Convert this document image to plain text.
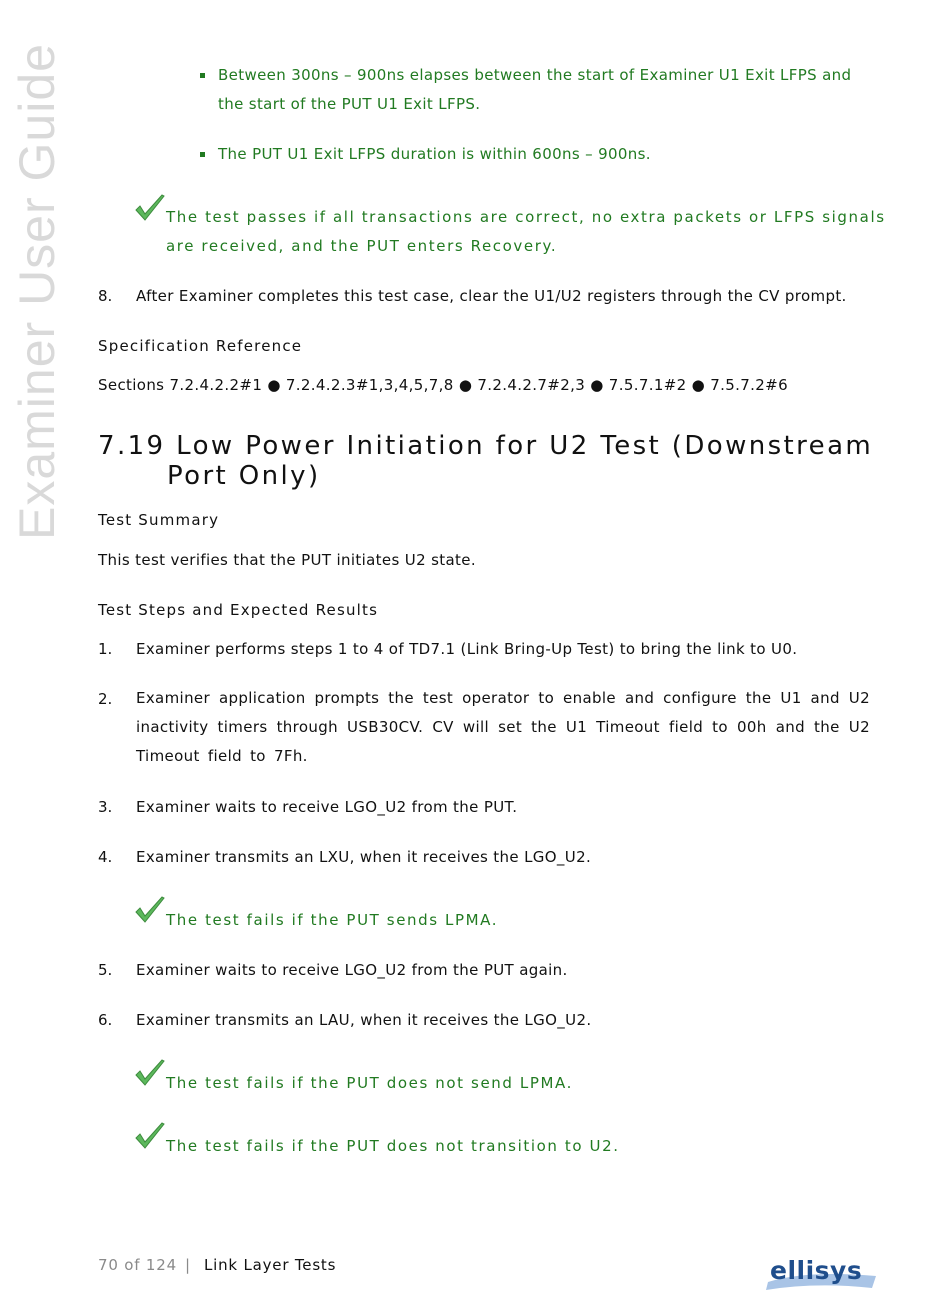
Examiner User Guide	Between 300ns – 900ns elapses between the start of Examiner U1 Exit LFPS and
the start of the PUT U1 Exit LFPS.
The PUT U1 Exit LFPS duration is within 600ns – 900ns.
The test passes if all transactions are correct, no extra packets or LFPS signals
are received, and the PUT enters Recovery.
8. After Examiner completes this test case, clear the U1/U2 registers through the CV prompt.
Specification Reference
Sections 7.2.4.2.2#1 ● 7.2.4.2.3#1,3,4,5,7,8 ● 7.2.4.2.7#2,3 ● 7.5.7.1#2 ● 7.5.7.2#6
7.19 Low Power Initiation for U2 Test (Downstream
Port Only)
Test Summary
This test verifies that the PUT initiates U2 state.
Test Steps and Expected Results
1. Examiner performs steps 1 to 4 of TD7.1 (Link Bring-Up Test) to bring the link to U0.
2. Examiner application prompts the test operator to enable and configure the U1 and U2 inactivity timers through USB30CV. CV will set the U1 Timeout field to 00h and the U2 Timeout field to 7Fh.
3. Examiner waits to receive LGO_U2 from the PUT.
4. Examiner transmits an LXU, when it receives the LGO_U2.
The test fails if the PUT sends LPMA.
5. Examiner waits to receive LGO_U2 from the PUT again.
6. Examiner transmits an LAU, when it receives the LGO_U2.
The test fails if the PUT does not send LPMA.
The test fails if the PUT does not transition to U2.
70 of 124 | Link Layer Tests	ellisys
